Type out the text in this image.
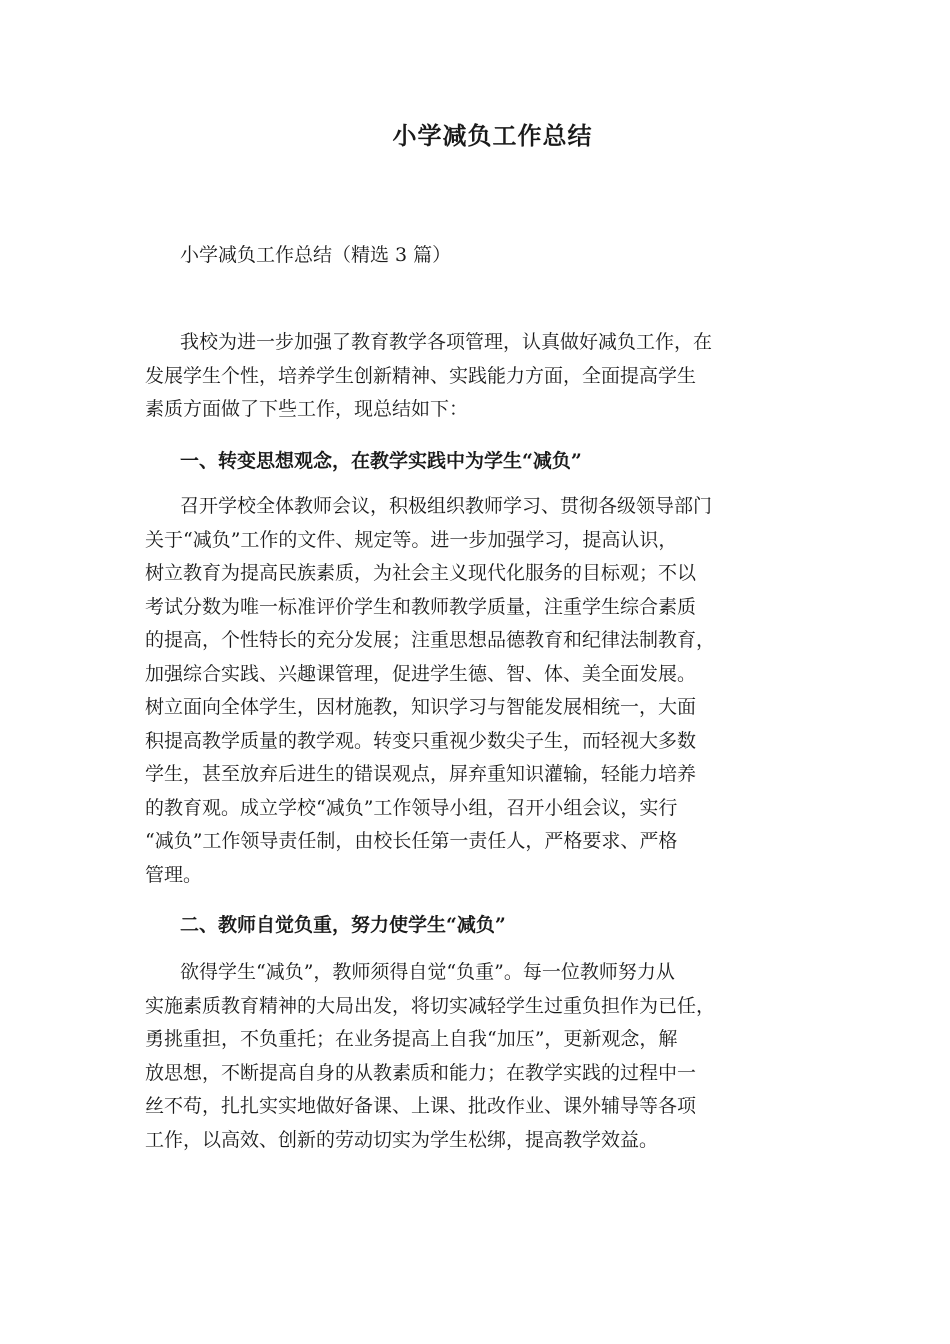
小学减负工作总结
小学减负工作总结（精选 3 篇）
我校为进一步加强了教育教学各项管理，认真做好减负工作，在
发展学生个性，培养学生创新精神、实践能力方面，全面提高学生
素质方面做了下些工作，现总结如下：
一、转变思想观念，在教学实践中为学生“减负”
召开学校全体教师会议，积极组织教师学习、贯彻各级领导部门
关于“减负”工作的文件、规定等。进一步加强学习，提高认识，
树立教育为提高民族素质，为社会主义现代化服务的目标观；不以
考试分数为唯一标准评价学生和教师教学质量，注重学生综合素质
的提高，个性特长的充分发展；注重思想品德教育和纪律法制教育，
加强综合实践、兴趣课管理，促进学生德、智、体、美全面发展。
树立面向全体学生，因材施教，知识学习与智能发展相统一，大面
积提高教学质量的教学观。转变只重视少数尖子生，而轻视大多数
学生，甚至放弃后进生的错误观点，屏弃重知识灌输，轻能力培养
的教育观。成立学校“减负”工作领导小组，召开小组会议，实行
“减负”工作领导责任制，由校长任第一责任人，严格要求、严格
管理。
二、教师自觉负重，努力使学生“减负”
欲得学生“减负”，教师须得自觉“负重”。每一位教师努力从
实施素质教育精神的大局出发，将切实减轻学生过重负担作为已任，
勇挑重担，不负重托；在业务提高上自我“加压”，更新观念，解
放思想，不断提高自身的从教素质和能力；在教学实践的过程中一
丝不苟，扎扎实实地做好备课、上课、批改作业、课外辅导等各项
工作，以高效、创新的劳动切实为学生松绑，提高教学效益。
